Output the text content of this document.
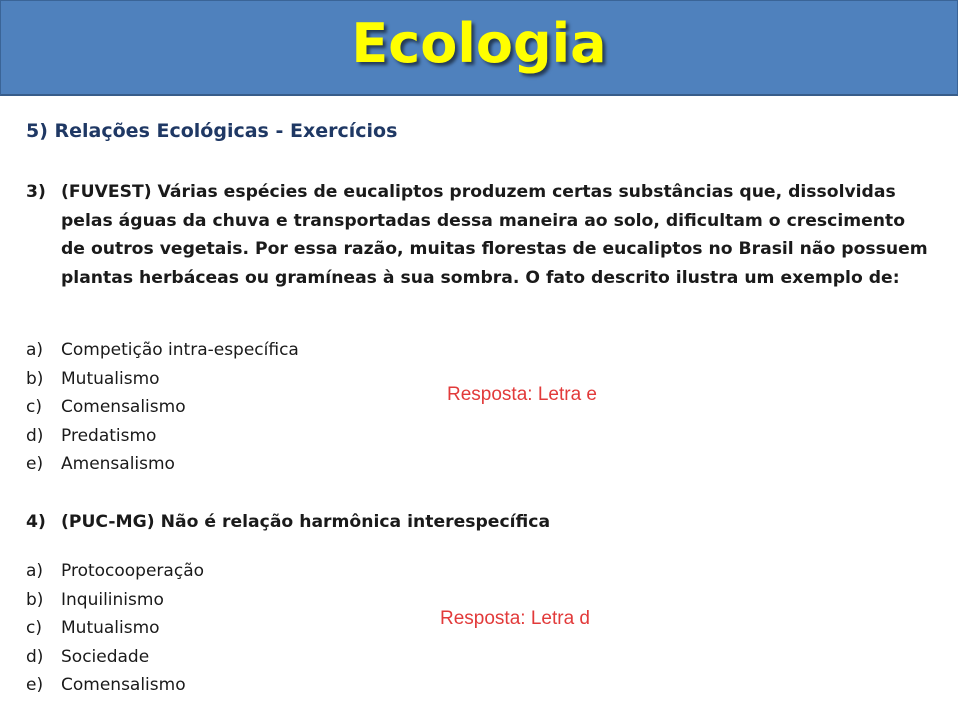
Ecologia
5) Relações Ecológicas - Exercícios
3) (FUVEST) Várias espécies de eucaliptos produzem certas substâncias que, dissolvidas pelas águas da chuva e transportadas dessa maneira ao solo, dificultam o crescimento de outros vegetais. Por essa razão, muitas florestas de eucaliptos no Brasil não possuem plantas herbáceas ou gramíneas à sua sombra. O fato descrito ilustra um exemplo de:
a)	Competição intra-específica
b)	Mutualismo
c)	Comensalismo
d)	Predatismo
e)	Amensalismo
Resposta: Letra e
4) (PUC-MG) Não é relação harmônica interespecífica
a)	Protocooperação
b)	Inquilinismo
c)	Mutualismo
d)	Sociedade
e)	Comensalismo
Resposta: Letra d
